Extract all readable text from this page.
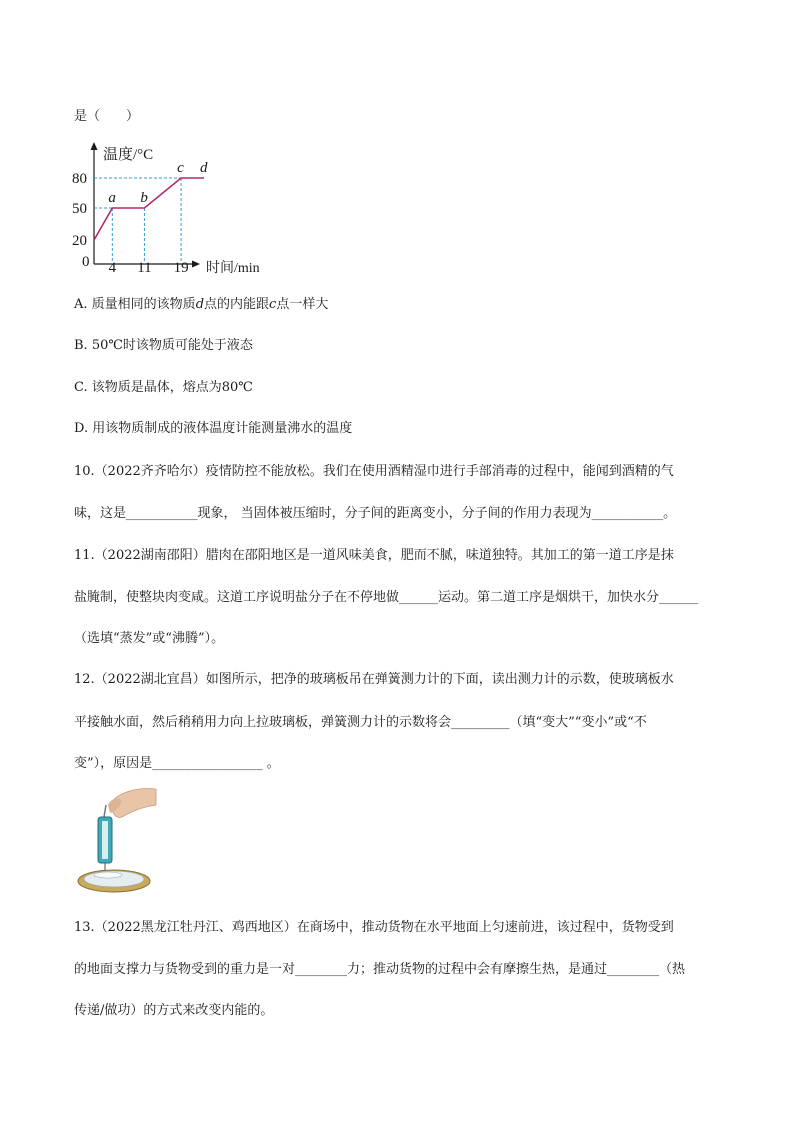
是（　　）
80
50
20
0 4 11 19
a b
c d
温度/°C
时间/min
A. 质量相同的该物质d点的内能跟c点一样大
B. 50℃时该物质可能处于液态
C. 该物质是晶体，熔点为80℃
D. 用该物质制成的液体温度计能测量沸水的温度
10.（2022齐齐哈尔）疫情防控不能放松。我们在使用酒精湿巾进行手部消毒的过程中，能闻到酒精的气
味，这是___________现象， 当固体被压缩时，分子间的距离变小，分子间的作用力表现为___________。
11.（2022湖南邵阳）腊肉在邵阳地区是一道风味美食，肥而不腻，味道独特。其加工的第一道工序是抹
盐腌制，使整块肉变咸。这道工序说明盐分子在不停地做______运动。第二道工序是烟烘干，加快水分______
（选填“蒸发”或“沸腾”）。
12.（2022湖北宜昌）如图所示，把净的玻璃板吊在弹簧测力计的下面，读出测力计的示数，使玻璃板水
平接触水面，然后稍稍用力向上拉玻璃板，弹簧测力计的示数将会_________（填“变大”“变小”或“不
变”），原因是_________________ 。
13.（2022黑龙江牡丹江、鸡西地区）在商场中，推动货物在水平地面上匀速前进，该过程中，货物受到
的地面支撑力与货物受到的重力是一对________力；推动货物的过程中会有摩擦生热，是通过________（热
传递/做功）的方式来改变内能的。
